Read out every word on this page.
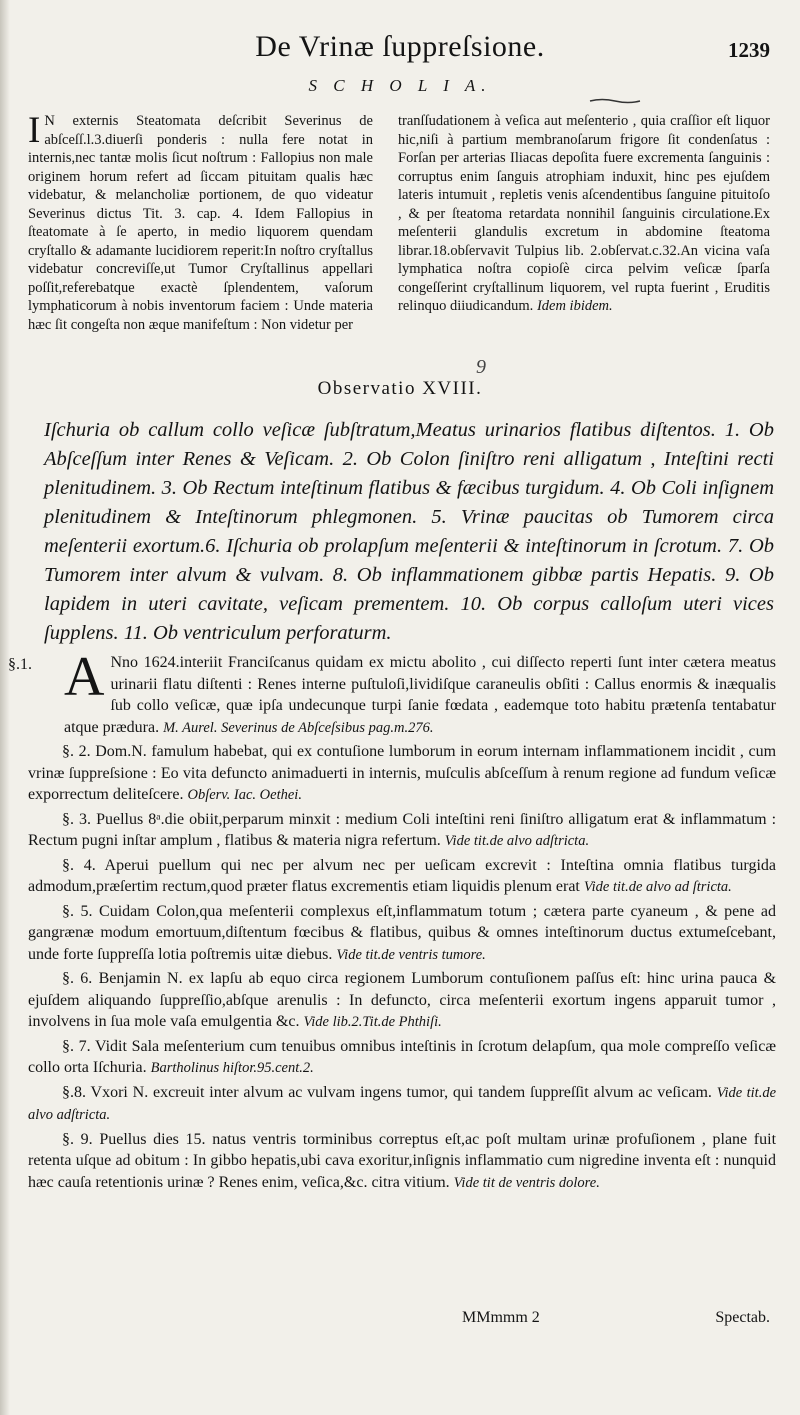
De Vrinæ ſuppreſsione.	1239
S C H O L I A.

I N externis Steatomata deſcribit Severinus de abſceſſ.l.3.diuerſi ponderis : nulla fere notat in internis,nec tantæ molis ſicut noſtrum : Fallopius non male originem horum refert ad ſiccam pituitam qualis hæc videbatur, & melancholiæ portionem, de quo videatur Severinus dictus Tit. 3. cap. 4. Idem Fallopius in ſteatomate à ſe aperto, in medio liquorem quendam cryſtallo & adamante lucidiorem reperit:In noſtro cryſtallus videbatur concreviſſe,ut Tumor Cryſtallinus appellari poſſit,referebatque exactè ſplendentem, vaſorum lymphaticorum à nobis inventorum faciem : Unde materia hæc ſit congeſta non æque manifeſtum : Non videtur per

tranſſudationem à veſica aut meſenterio , quia craſſior eſt liquor hic,niſi à partium membranoſarum frigore ſit condenſatus : Forſan per arterias Iliacas depoſita fuere excrementa ſanguinis : corruptus enim ſanguis atrophiam induxit, hinc pes ejuſdem lateris intumuit , repletis venis aſcendentibus ſanguine pituitoſo , & per ſteatoma retardata nonnihil ſanguinis circulatione.Ex meſenterii glandulis excretum in abdomine ſteatoma librar.18.obſervavit Tulpius lib. 2.obſervat.c.32.An vicina vaſa lymphatica noſtra copioſè circa pelvim veſicæ ſparſa congeſſerint cryſtallinum liquorem, vel rupta fuerint , Eruditis relinquo diiudicandum. Idem ibidem.

9
Observatio XVIII.

Iſchuria ob callum collo veſicæ ſubſtratum,Meatus urinarios flatibus diſtentos. 1. Ob Abſceſſum inter Renes & Veſicam. 2. Ob Colon ſiniſtro reni alligatum , Inteſtini recti plenitudinem. 3. Ob Rectum inteſtinum flatibus & fæcibus turgidum. 4. Ob Coli inſignem plenitudinem & Inteſtinorum phlegmonen. 5. Vrinæ paucitas ob Tumorem circa meſenterii exortum.6. Iſchuria ob prolapſum meſenterii & inteſtinorum in ſcrotum. 7. Ob Tumorem inter alvum & vulvam. 8. Ob inflammationem gibbæ partis Hepatis. 9. Ob lapidem in uteri cavitate, veſicam prementem. 10. Ob corpus calloſum uteri vices ſupplens. 11. Ob ventriculum perforaturm.

§.1. A Nno 1624.interiit Franciſcanus quidam ex mictu abolito , cui diſſecto reperti ſunt inter cætera meatus urinarii flatu diſtenti : Renes interne puſtuloſi,lividiſque caraneulis obſiti : Callus enormis & inæqualis ſub collo veſicæ, quæ ipſa undecunque turpi ſanie fœdata , eademque toto habitu prætenſa tentabatur atque prædura. M. Aurel. Severinus de Abſceſsibus pag.m.276.

§. 2. Dom.N. famulum habebat, qui ex contuſione lumborum in eorum internam inflammationem incidit , cum vrinæ ſuppreſsione : Eo vita defuncto animaduerti in internis, muſculis abſceſſum à renum regione ad fundum veſicæ exporrectum deliteſcere. Obſerv. Iac. Oethei.

§. 3. Puellus 8ᵃ.die obiit,perparum minxit : medium Coli inteſtini reni ſiniſtro alligatum erat & inflammatum : Rectum pugni inſtar amplum , flatibus & materia nigra refertum. Vide tit.de alvo adſtricta.

§. 4. Aperui puellum qui nec per alvum nec per ueſicam excrevit : Inteſtina omnia flatibus turgida admodum,præſertim rectum,quod præter flatus excrementis etiam liquidis plenum erat Vide tit.de alvo ad ſtricta.

§. 5. Cuidam Colon,qua meſenterii complexus eſt,inflammatum totum ; cætera parte cyaneum , & pene ad gangrænæ modum emortuum,diſtentum fœcibus & flatibus, quibus & omnes inteſtinorum ductus extumeſcebant, unde forte ſuppreſſa lotia poſtremis uitæ diebus. Vide tit.de ventris tumore.

§. 6. Benjamin N. ex lapſu ab equo circa regionem Lumborum contuſionem paſſus eſt: hinc urina pauca & ejuſdem aliquando ſuppreſſio,abſque arenulis : In defuncto, circa meſenterii exortum ingens apparuit tumor , involvens in ſua mole vaſa emulgentia &c. Vide lib.2.Tit.de Phthiſi.

§. 7. Vidit Sala meſenterium cum tenuibus omnibus inteſtinis in ſcrotum delapſum, qua mole compreſſo veſicæ collo orta Iſchuria. Bartholinus hiſtor.95.cent.2.

§.8. Vxori N. excreuit inter alvum ac vulvam ingens tumor, qui tandem ſuppreſſit alvum ac veſicam. Vide tit.de alvo adſtricta.

§. 9. Puellus dies 15. natus ventris torminibus correptus eſt,ac poſt multam urinæ profuſionem , plane fuit retenta uſque ad obitum : In gibbo hepatis,ubi cava exoritur,inſignis inflammatio cum nigredine inventa eſt : nunquid hæc cauſa retentionis urinæ ? Renes enim, veſica,&c. citra vitium. Vide tit de ventris dolore.

MMmmm 2	Spectab.
